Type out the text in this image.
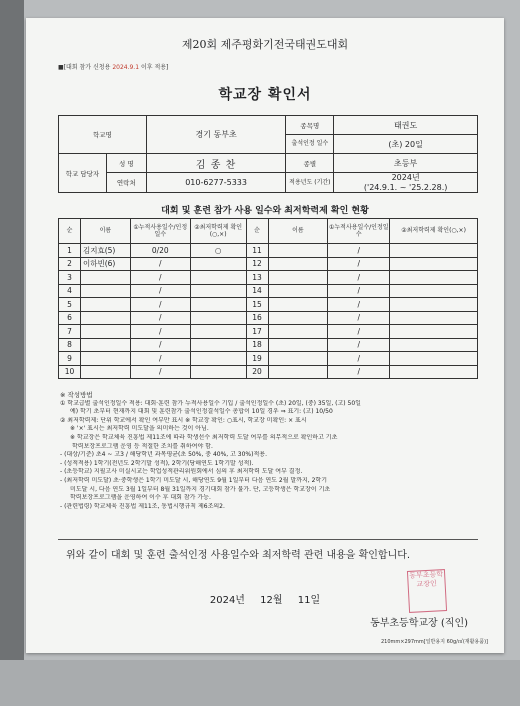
제20회 제주평화기전국태권도대회
■[대회 참가 신청용 2024.9.1 이후 적용]
학교장 확인서
학교명		경기 동부초	종목명	태권도
			출석인정 일수	(초) 20일
학교 담당자	성 명	김 종 찬	종별	초등부
	연락처	010-6277-5333	적용년도 (기간)	2024년
('24.9.1. ~ '25.2.28.)
대회 및 훈련 참가 사용 일수와 최저학력제 확인 현황
순	이름	①누적사용일수/인정일수	②최저학력제 확인(○,×)	순	이름	①누적사용일수/인정일수	②최저학력제 확인(○,×)
1	김지효(5)	0/20	○	11		/	
2	이하빈(6)	/		12		/	
3		/		13		/	
4		/		14		/	
5		/		15		/	
6		/		16		/	
7		/		17		/	
8		/		18		/	
9		/		19		/	
10		/		20		/	
※ 작성방법
① 학교급별 출석인정일수 적용: 대회·훈련 참가 누적사용일수 기입 / 출석인정일수 (초) 20일, (중) 35일, (고) 50일
예) 학기 초부터 현재까지 대회 및 훈련참가 출석인정결석일수 총합이 10일 경우 ⇒ 표기: (고) 10/50
② 최저학력제: 단위 학교에서 확인 여부만 표시 ※ 학교장 확인: ○표시, 학교장 미확인: × 표시
※ '×' 표시는 최저학력 미도달을 의미하는 것이 아님.
※ 학교장은 학교체육 진흥법 제11조에 따라 학생선수 최저학력 도달 여부를 의무적으로 확인하고 기초
학력보장프로그램 운영 등 적절한 조치를 취하여야 함.
- (대상/기준) 초4 ~ 고3 / 해당학년 과목평균(초 50%, 중 40%, 고 30%)적용.
- (성적적용) 1학기(전년도 2학기말 성적), 2학기(당해연도 1학기말 성적).
- (초등학교) 지필고사 미실시교는 학업성적관리위원회에서 심의 후 최저학력 도달 여부 결정.
- (최저학력 미도달) 초·중학생은 1학기 미도달 시, 해당연도 9월 1일부터 다음 연도 2월 말까지, 2학기
미도달 시, 다음 연도 3월 1일부터 8월 31일까지 경기대회 참가 불가. 단, 고등학생은 학교장이 기초
학력보장프로그램을 운영하여 이수 후 대회 참가 가능.
- (관련법령) 학교체육 진흥법 제11조, 동법시행규칙 제6조의2.
위와 같이 대회 및 훈련 출석인정 사용일수와 최저학력 관련 내용을 확인합니다.
2024년 12월 11일
동부초등학교장인
동부초등학교장 (직인)
210mm×297mm[일반용지 60g/㎡(재활용품)]
